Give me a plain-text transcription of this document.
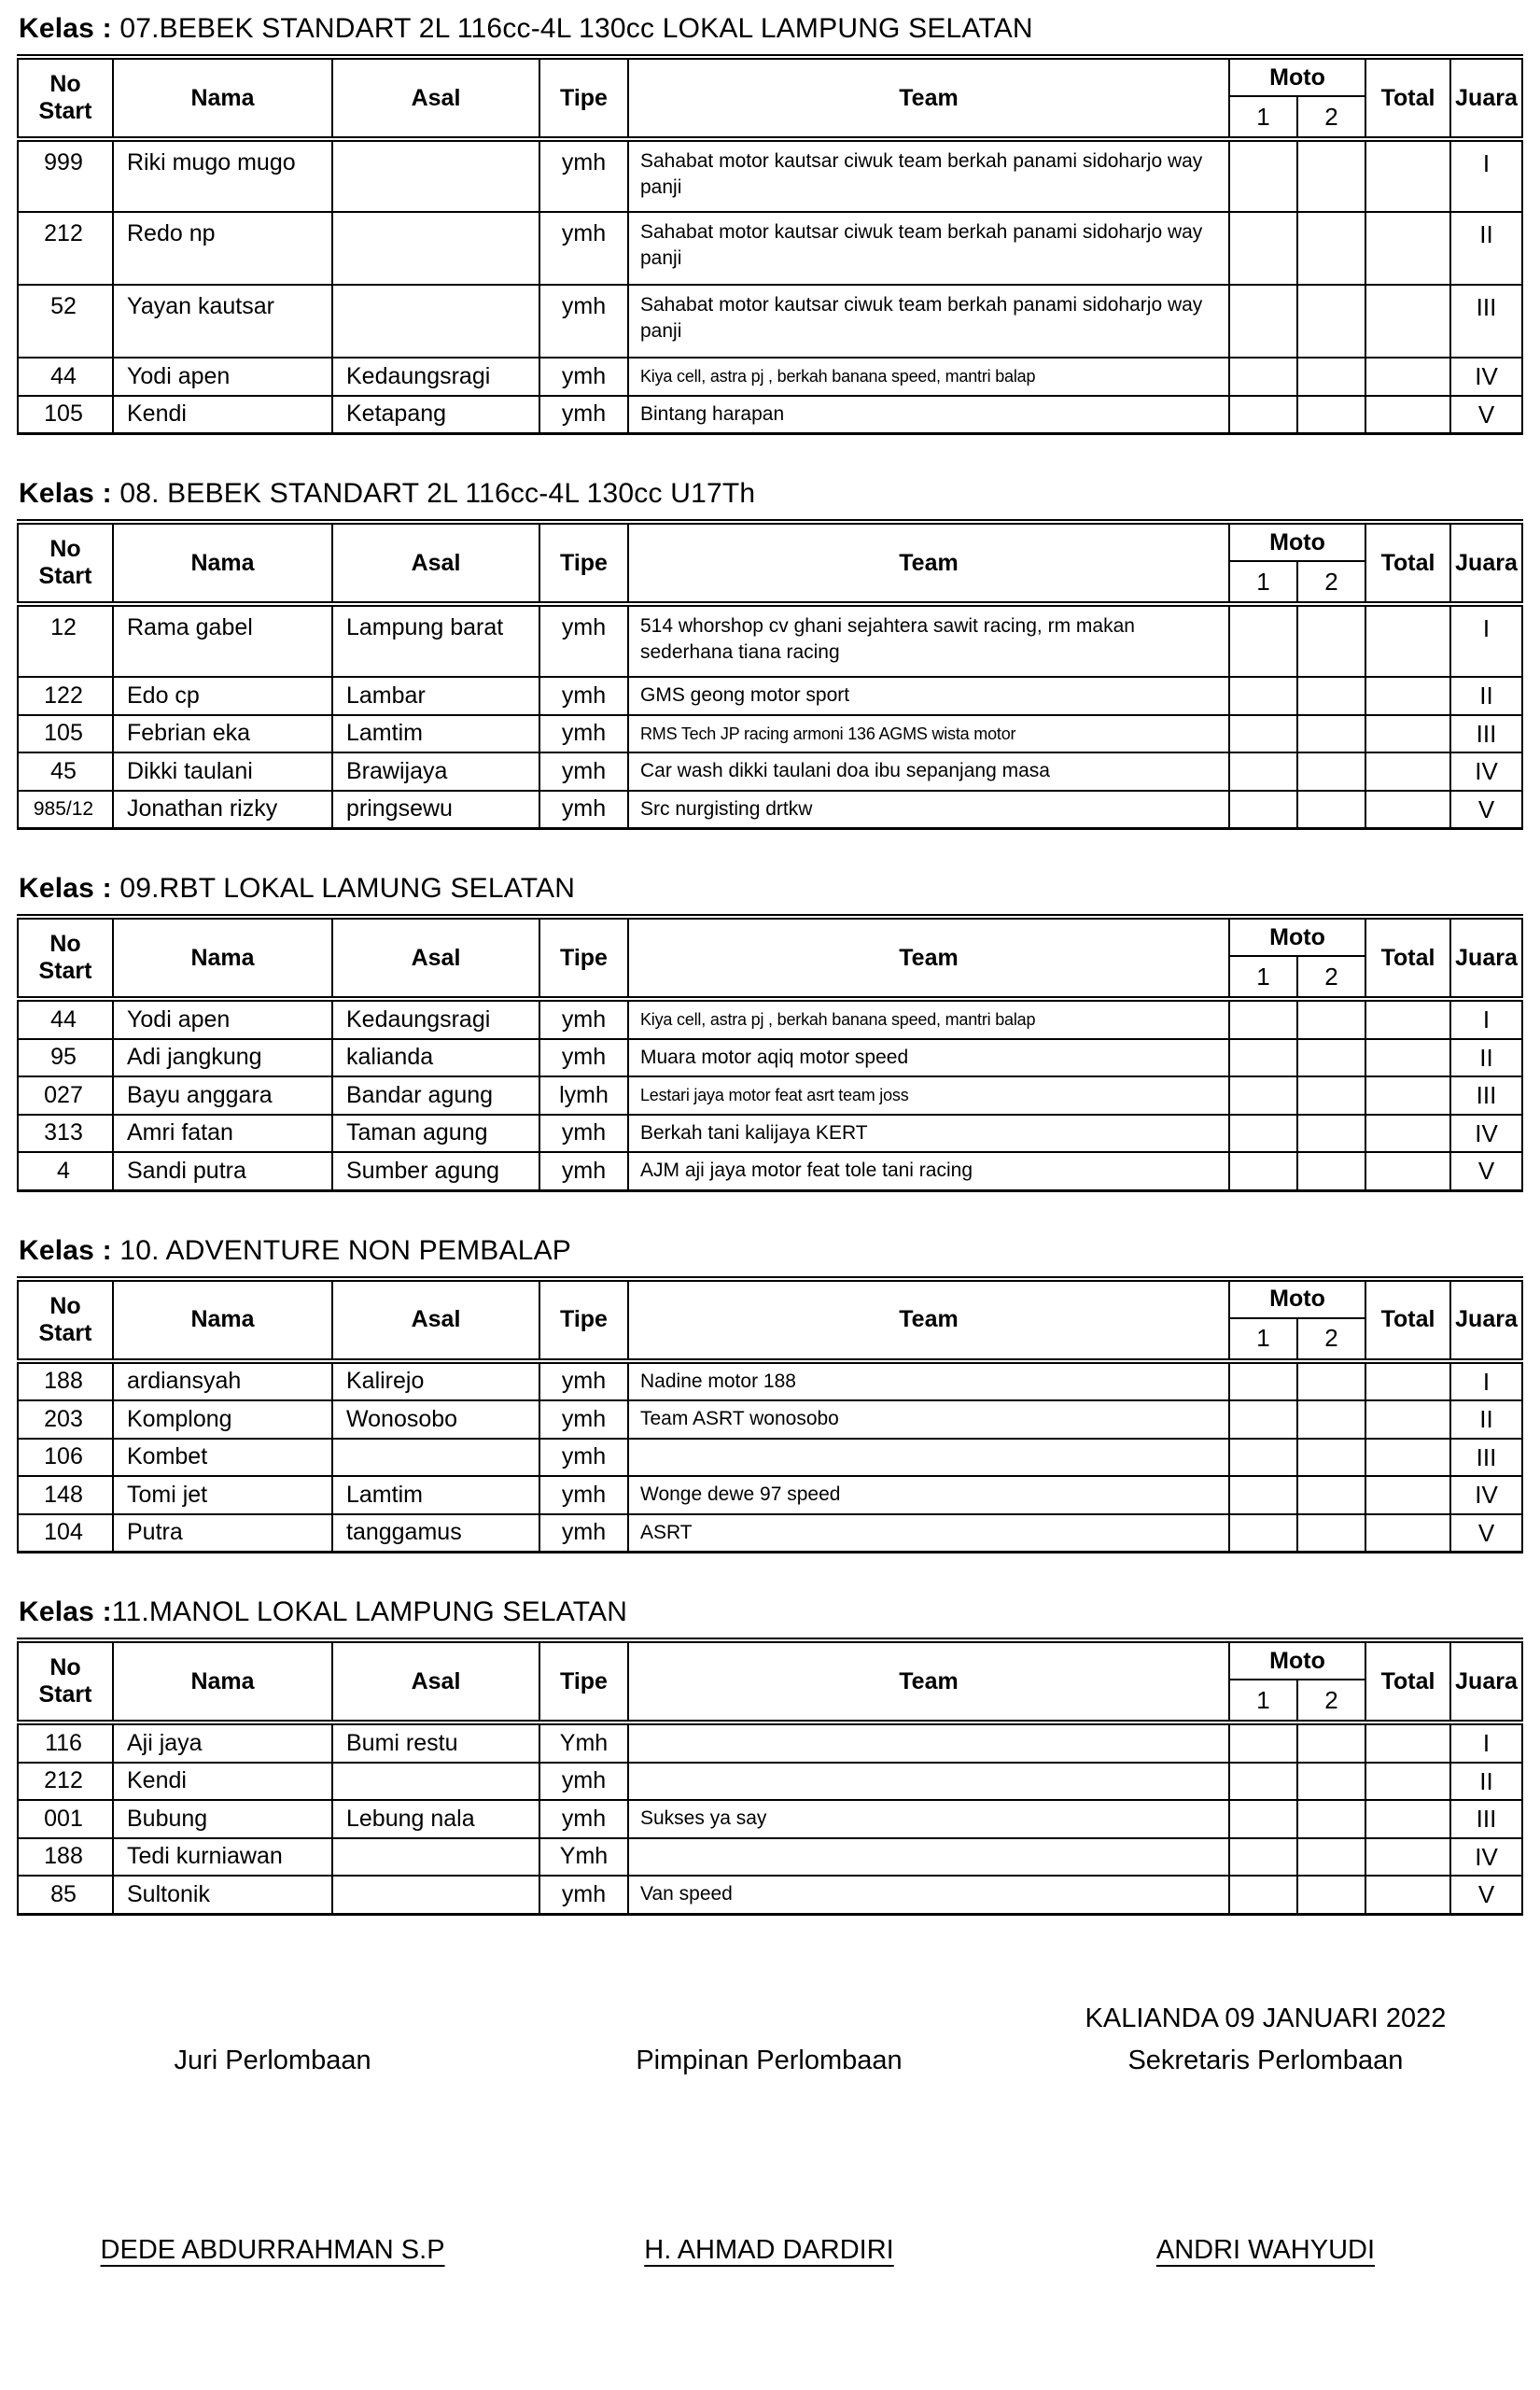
Kelas : 07.BEBEK STANDART 2L 116cc-4L 130cc LOKAL LAMPUNG SELATAN
No
Start	Nama	Asal	Tipe	Team	Moto		Total	Juara
					1	2		
999	Riki mugo mugo		ymh	Sahabat motor kautsar ciwuk team berkah panami sidoharjo way panji				I
212	Redo np		ymh	Sahabat motor kautsar ciwuk team berkah panami sidoharjo way panji				II
52	Yayan kautsar		ymh	Sahabat motor kautsar ciwuk team berkah panami sidoharjo way panji				III
44	Yodi apen	Kedaungsragi	ymh	Kiya cell, astra pj , berkah banana speed, mantri balap				IV
105	Kendi	Ketapang	ymh	Bintang harapan				V
Kelas : 08. BEBEK STANDART 2L 116cc-4L 130cc U17Th
No
Start	Nama	Asal	Tipe	Team	Moto		Total	Juara
					1	2		
12	Rama gabel	Lampung barat	ymh	514 whorshop cv ghani sejahtera sawit racing, rm makan sederhana tiana racing				I
122	Edo cp	Lambar	ymh	GMS geong motor sport				II
105	Febrian eka	Lamtim	ymh	RMS Tech JP racing armoni 136 AGMS wista motor				III
45	Dikki taulani	Brawijaya	ymh	Car wash dikki taulani doa ibu sepanjang masa				IV
985/12	Jonathan rizky	pringsewu	ymh	Src nurgisting drtkw				V
Kelas : 09.RBT LOKAL LAMUNG SELATAN
No
Start	Nama	Asal	Tipe	Team	Moto		Total	Juara
					1	2		
44	Yodi apen	Kedaungsragi	ymh	Kiya cell, astra pj , berkah banana speed, mantri balap				I
95	Adi jangkung	kalianda	ymh	Muara motor aqiq motor speed				II
027	Bayu anggara	Bandar agung	lymh	Lestari jaya motor feat asrt team joss				III
313	Amri fatan	Taman agung	ymh	Berkah tani kalijaya KERT				IV
4	Sandi putra	Sumber agung	ymh	AJM aji jaya motor feat tole tani racing				V
Kelas : 10. ADVENTURE NON PEMBALAP
No
Start	Nama	Asal	Tipe	Team	Moto		Total	Juara
					1	2		
188	ardiansyah	Kalirejo	ymh	Nadine motor 188				I
203	Komplong	Wonosobo	ymh	Team ASRT wonosobo				II
106	Kombet		ymh					III
148	Tomi jet	Lamtim	ymh	Wonge dewe 97 speed				IV
104	Putra	tanggamus	ymh	ASRT				V
Kelas :11.MANOL LOKAL LAMPUNG SELATAN
No
Start	Nama	Asal	Tipe	Team	Moto		Total	Juara
					1	2		
116	Aji jaya	Bumi restu	Ymh					I
212	Kendi		ymh					II
001	Bubung	Lebung nala	ymh	Sukses ya say				III
188	Tedi kurniawan		Ymh					IV
85	Sultonik		ymh	Van speed				V
Juri Perlombaan	Pimpinan Perlombaan
KALIANDA 09 JANUARI 2022
Sekretaris Perlombaan
DEDE ABDURRAHMAN S.P	H. AHMAD DARDIRI	ANDRI WAHYUDI
